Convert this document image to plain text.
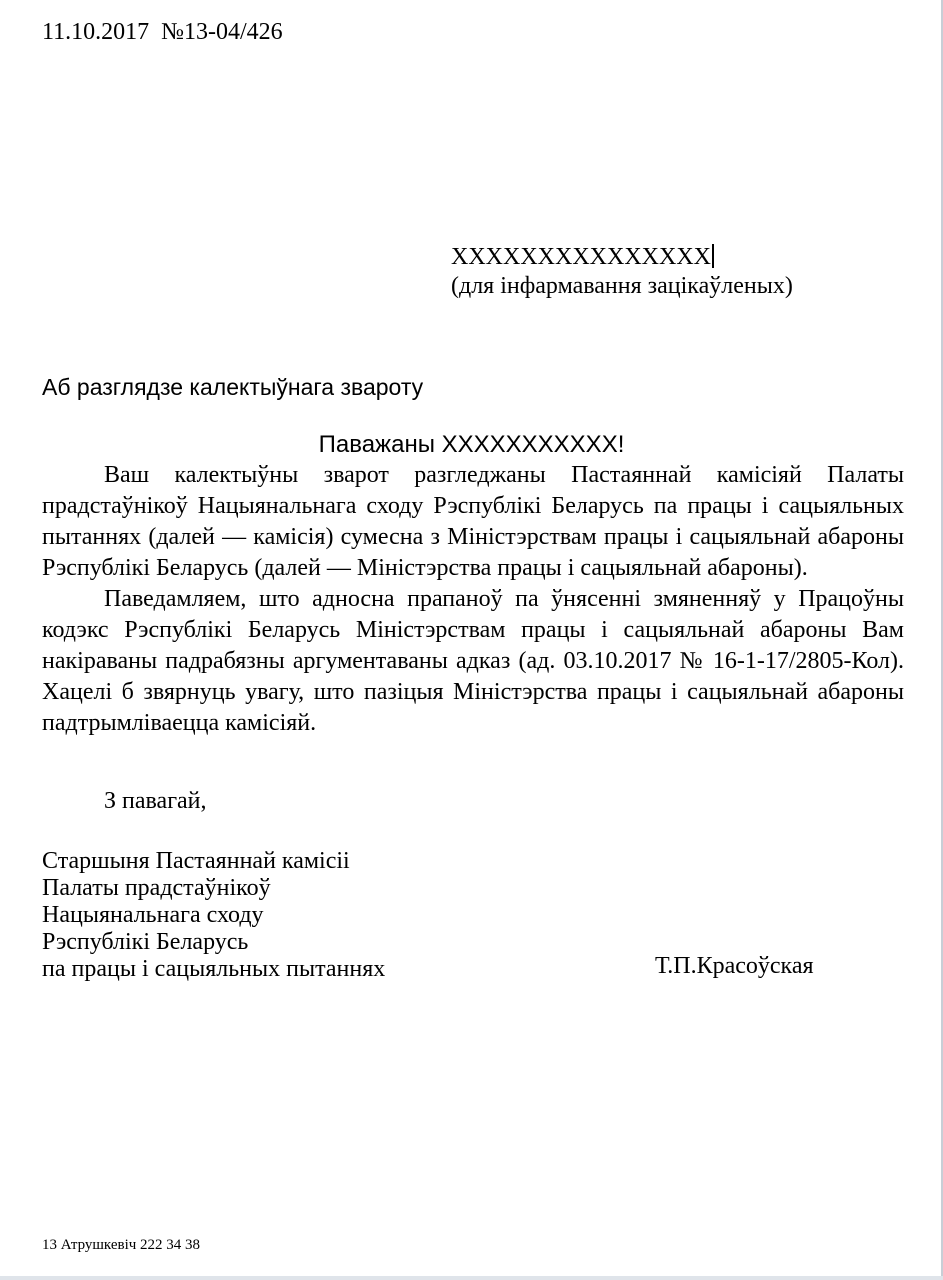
11.10.2017 №13-04/426
XXXXXXXXXXXXXXX
(для інфармавання зацікаўленых)
Аб разглядзе калектыўнага звароту
Паважаны XXXXXXXXXXX!

Ваш калектыўны зварот разгледжаны Пастаяннай камісіяй Палаты прадстаўнікоў Нацыянальнага сходу Рэспублікі Беларусь па працы і сацыяльных пытаннях (далей — камісія) сумесна з Міністэрствам працы і сацыяльнай абароны Рэспублікі Беларусь (далей — Міністэрства працы і сацыяльнай абароны).

Паведамляем, што адносна прапаноў па ўнясенні змяненняў у Працоўны кодэкс Рэспублікі Беларусь Міністэрствам працы і сацыяльнай абароны Вам накіраваны падрабязны аргументаваны адказ (ад. 03.10.2017 № 16-1-17/2805-Кол). Хацелі б звярнуць увагу, што пазіцыя Міністэрства працы і сацыяльнай абароны падтрымліваецца камісіяй.

З павагай,
Старшыня Пастаяннай камісіі
Палаты прадстаўнікоў
Нацыянальнага сходу
Рэспублікі Беларусь
па працы і сацыяльных пытаннях	Т.П.Красоўская
13 Атрушкевіч 222 34 38
